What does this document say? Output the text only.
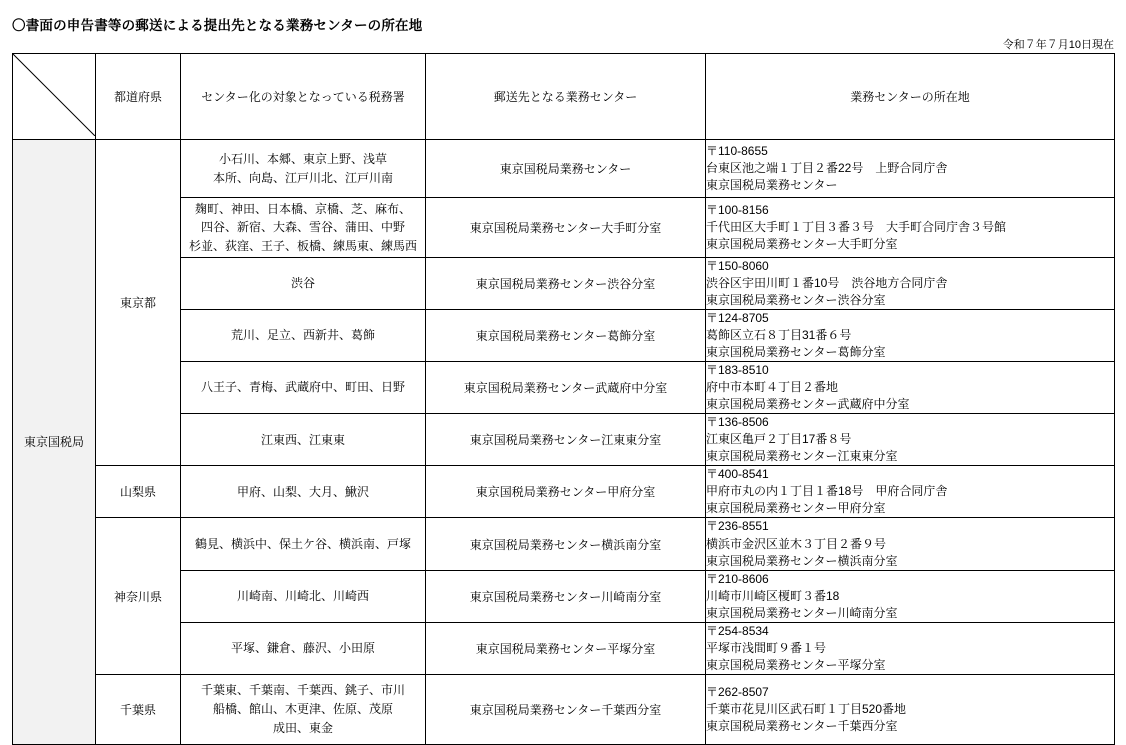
〇書面の申告書等の郵送による提出先となる業務センターの所在地
令和７年７月10日現在
	都道府県	センター化の対象となっている税務署	郵送先となる業務センター	業務センターの所在地
東京国税局	東京都	小石川、本郷、東京上野、浅草
本所、向島、江戸川北、江戸川南	東京国税局業務センター	〒110-8655
台東区池之端１丁目２番22号　上野合同庁舎
東京国税局業務センター

		麹町、神田、日本橋、京橋、芝、麻布、
四谷、新宿、大森、雪谷、蒲田、中野
杉並、荻窪、王子、板橋、練馬東、練馬西	東京国税局業務センター大手町分室	〒100-8156
千代田区大手町１丁目３番３号　大手町合同庁舎３号館
東京国税局業務センター大手町分室

		渋谷	東京国税局業務センター渋谷分室	〒150-8060
渋谷区宇田川町１番10号　渋谷地方合同庁舎
東京国税局業務センター渋谷分室

		荒川、足立、西新井、葛飾	東京国税局業務センター葛飾分室	〒124-8705
葛飾区立石８丁目31番６号
東京国税局業務センター葛飾分室

		八王子、青梅、武蔵府中、町田、日野	東京国税局業務センター武蔵府中分室	〒183-8510
府中市本町４丁目２番地
東京国税局業務センター武蔵府中分室

		江東西、江東東	東京国税局業務センター江東東分室	〒136-8506
江東区亀戸２丁目17番８号
東京国税局業務センター江東東分室

	山梨県	甲府、山梨、大月、鰍沢	東京国税局業務センター甲府分室	〒400-8541
甲府市丸の内１丁目１番18号　甲府合同庁舎
東京国税局業務センター甲府分室

	神奈川県	鶴見、横浜中、保土ケ谷、横浜南、戸塚	東京国税局業務センター横浜南分室	〒236-8551
横浜市金沢区並木３丁目２番９号
東京国税局業務センター横浜南分室

		川崎南、川崎北、川崎西	東京国税局業務センター川崎南分室	〒210-8606
川崎市川崎区榎町３番18
東京国税局業務センター川崎南分室

		平塚、鎌倉、藤沢、小田原	東京国税局業務センター平塚分室	〒254-8534
平塚市浅間町９番１号
東京国税局業務センター平塚分室

	千葉県	千葉東、千葉南、千葉西、銚子、市川
船橋、館山、木更津、佐原、茂原
成田、東金	東京国税局業務センター千葉西分室	〒262-8507
千葉市花見川区武石町１丁目520番地
東京国税局業務センター千葉西分室
